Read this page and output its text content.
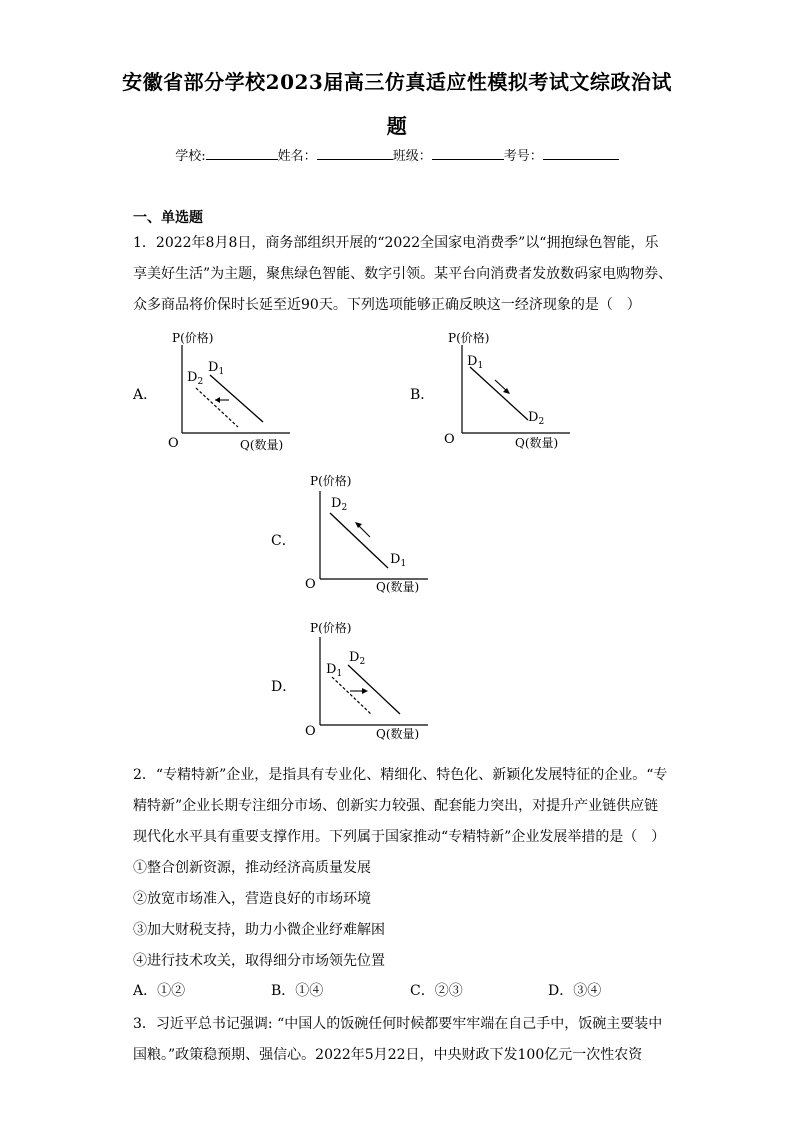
安徽省部分学校2023届高三仿真适应性模拟考试文综政治试
题
学校:	姓名：	班级：	考号：
一、单选题
1．2022年8月8日，商务部组织开展的“2022全国家电消费季”以“拥抱绿色智能，乐
享美好生活”为主题，聚焦绿色智能、数字引领。某平台向消费者发放数码家电购物券、
众多商品将价保时长延至近90天。下列选项能够正确反映这一经济现象的是（　）
A．
P(价格)
Q(数量)
O
$D_1$
$D_2$
B．
P(价格)
Q(数量)
O
$D_1$
$D_2$
C．
P(价格)
Q(数量)
O
$D_2$
$D_1$
D．
P(价格)
Q(数量)
O
$D_2$
$D_1$
2．“专精特新”企业，是指具有专业化、精细化、特色化、新颖化发展特征的企业。“专
精特新”企业长期专注细分市场、创新实力较强、配套能力突出，对提升产业链供应链
现代化水平具有重要支撑作用。下列属于国家推动“专精特新”企业发展举措的是（　）
①整合创新资源，推动经济高质量发展
②放宽市场准入，营造良好的市场环境
③加大财税支持，助力小微企业纾难解困
④进行技术攻关，取得细分市场领先位置
A．①②	B．①④	C．②③	D．③④
3．习近平总书记强调: “中国人的饭碗任何时候都要牢牢端在自己手中，饭碗主要装中
国粮。”政策稳预期、强信心。2022年5月22日，中央财政下发100亿元一次性农资
